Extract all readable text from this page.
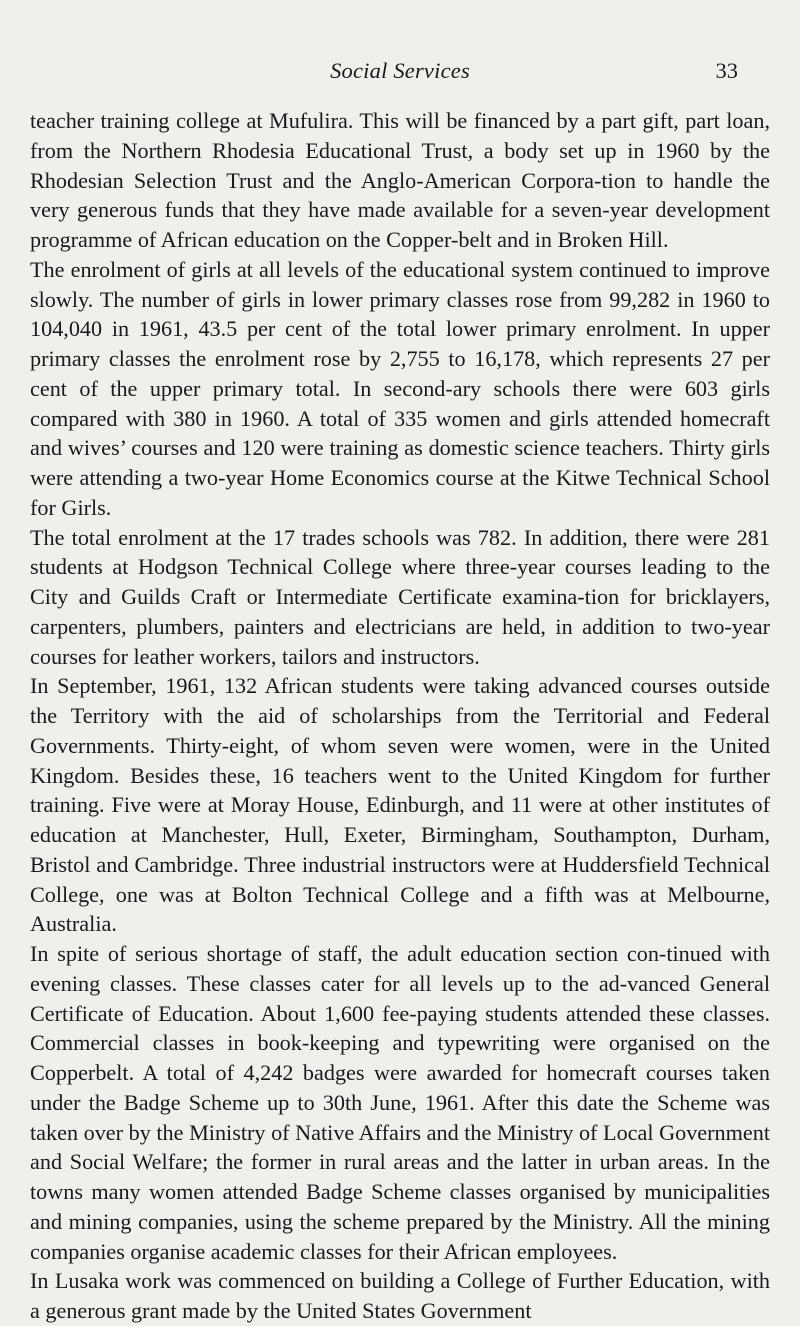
Social Services	33

teacher training college at Mufulira. This will be financed by a part gift, part loan, from the Northern Rhodesia Educational Trust, a body set up in 1960 by the Rhodesian Selection Trust and the Anglo-American Corpora-tion to handle the very generous funds that they have made available for a seven-year development programme of African education on the Copper-belt and in Broken Hill.

The enrolment of girls at all levels of the educational system continued to improve slowly. The number of girls in lower primary classes rose from 99,282 in 1960 to 104,040 in 1961, 43.5 per cent of the total lower primary enrolment. In upper primary classes the enrolment rose by 2,755 to 16,178, which represents 27 per cent of the upper primary total. In second-ary schools there were 603 girls compared with 380 in 1960. A total of 335 women and girls attended homecraft and wives’ courses and 120 were training as domestic science teachers. Thirty girls were attending a two-year Home Economics course at the Kitwe Technical School for Girls.

The total enrolment at the 17 trades schools was 782. In addition, there were 281 students at Hodgson Technical College where three-year courses leading to the City and Guilds Craft or Intermediate Certificate examina-tion for bricklayers, carpenters, plumbers, painters and electricians are held, in addition to two-year courses for leather workers, tailors and instructors.

In September, 1961, 132 African students were taking advanced courses outside the Territory with the aid of scholarships from the Territorial and Federal Governments. Thirty-eight, of whom seven were women, were in the United Kingdom. Besides these, 16 teachers went to the United Kingdom for further training. Five were at Moray House, Edinburgh, and 11 were at other institutes of education at Manchester, Hull, Exeter, Birmingham, Southampton, Durham, Bristol and Cambridge. Three industrial instructors were at Huddersfield Technical College, one was at Bolton Technical College and a fifth was at Melbourne, Australia.

In spite of serious shortage of staff, the adult education section con-tinued with evening classes. These classes cater for all levels up to the ad-vanced General Certificate of Education. About 1,600 fee-paying students attended these classes. Commercial classes in book-keeping and typewriting were organised on the Copperbelt. A total of 4,242 badges were awarded for homecraft courses taken under the Badge Scheme up to 30th June, 1961. After this date the Scheme was taken over by the Ministry of Native Affairs and the Ministry of Local Government and Social Welfare; the former in rural areas and the latter in urban areas. In the towns many women attended Badge Scheme classes organised by municipalities and mining companies, using the scheme prepared by the Ministry. All the mining companies organise academic classes for their African employees.

In Lusaka work was commenced on building a College of Further Education, with a generous grant made by the United States Government
